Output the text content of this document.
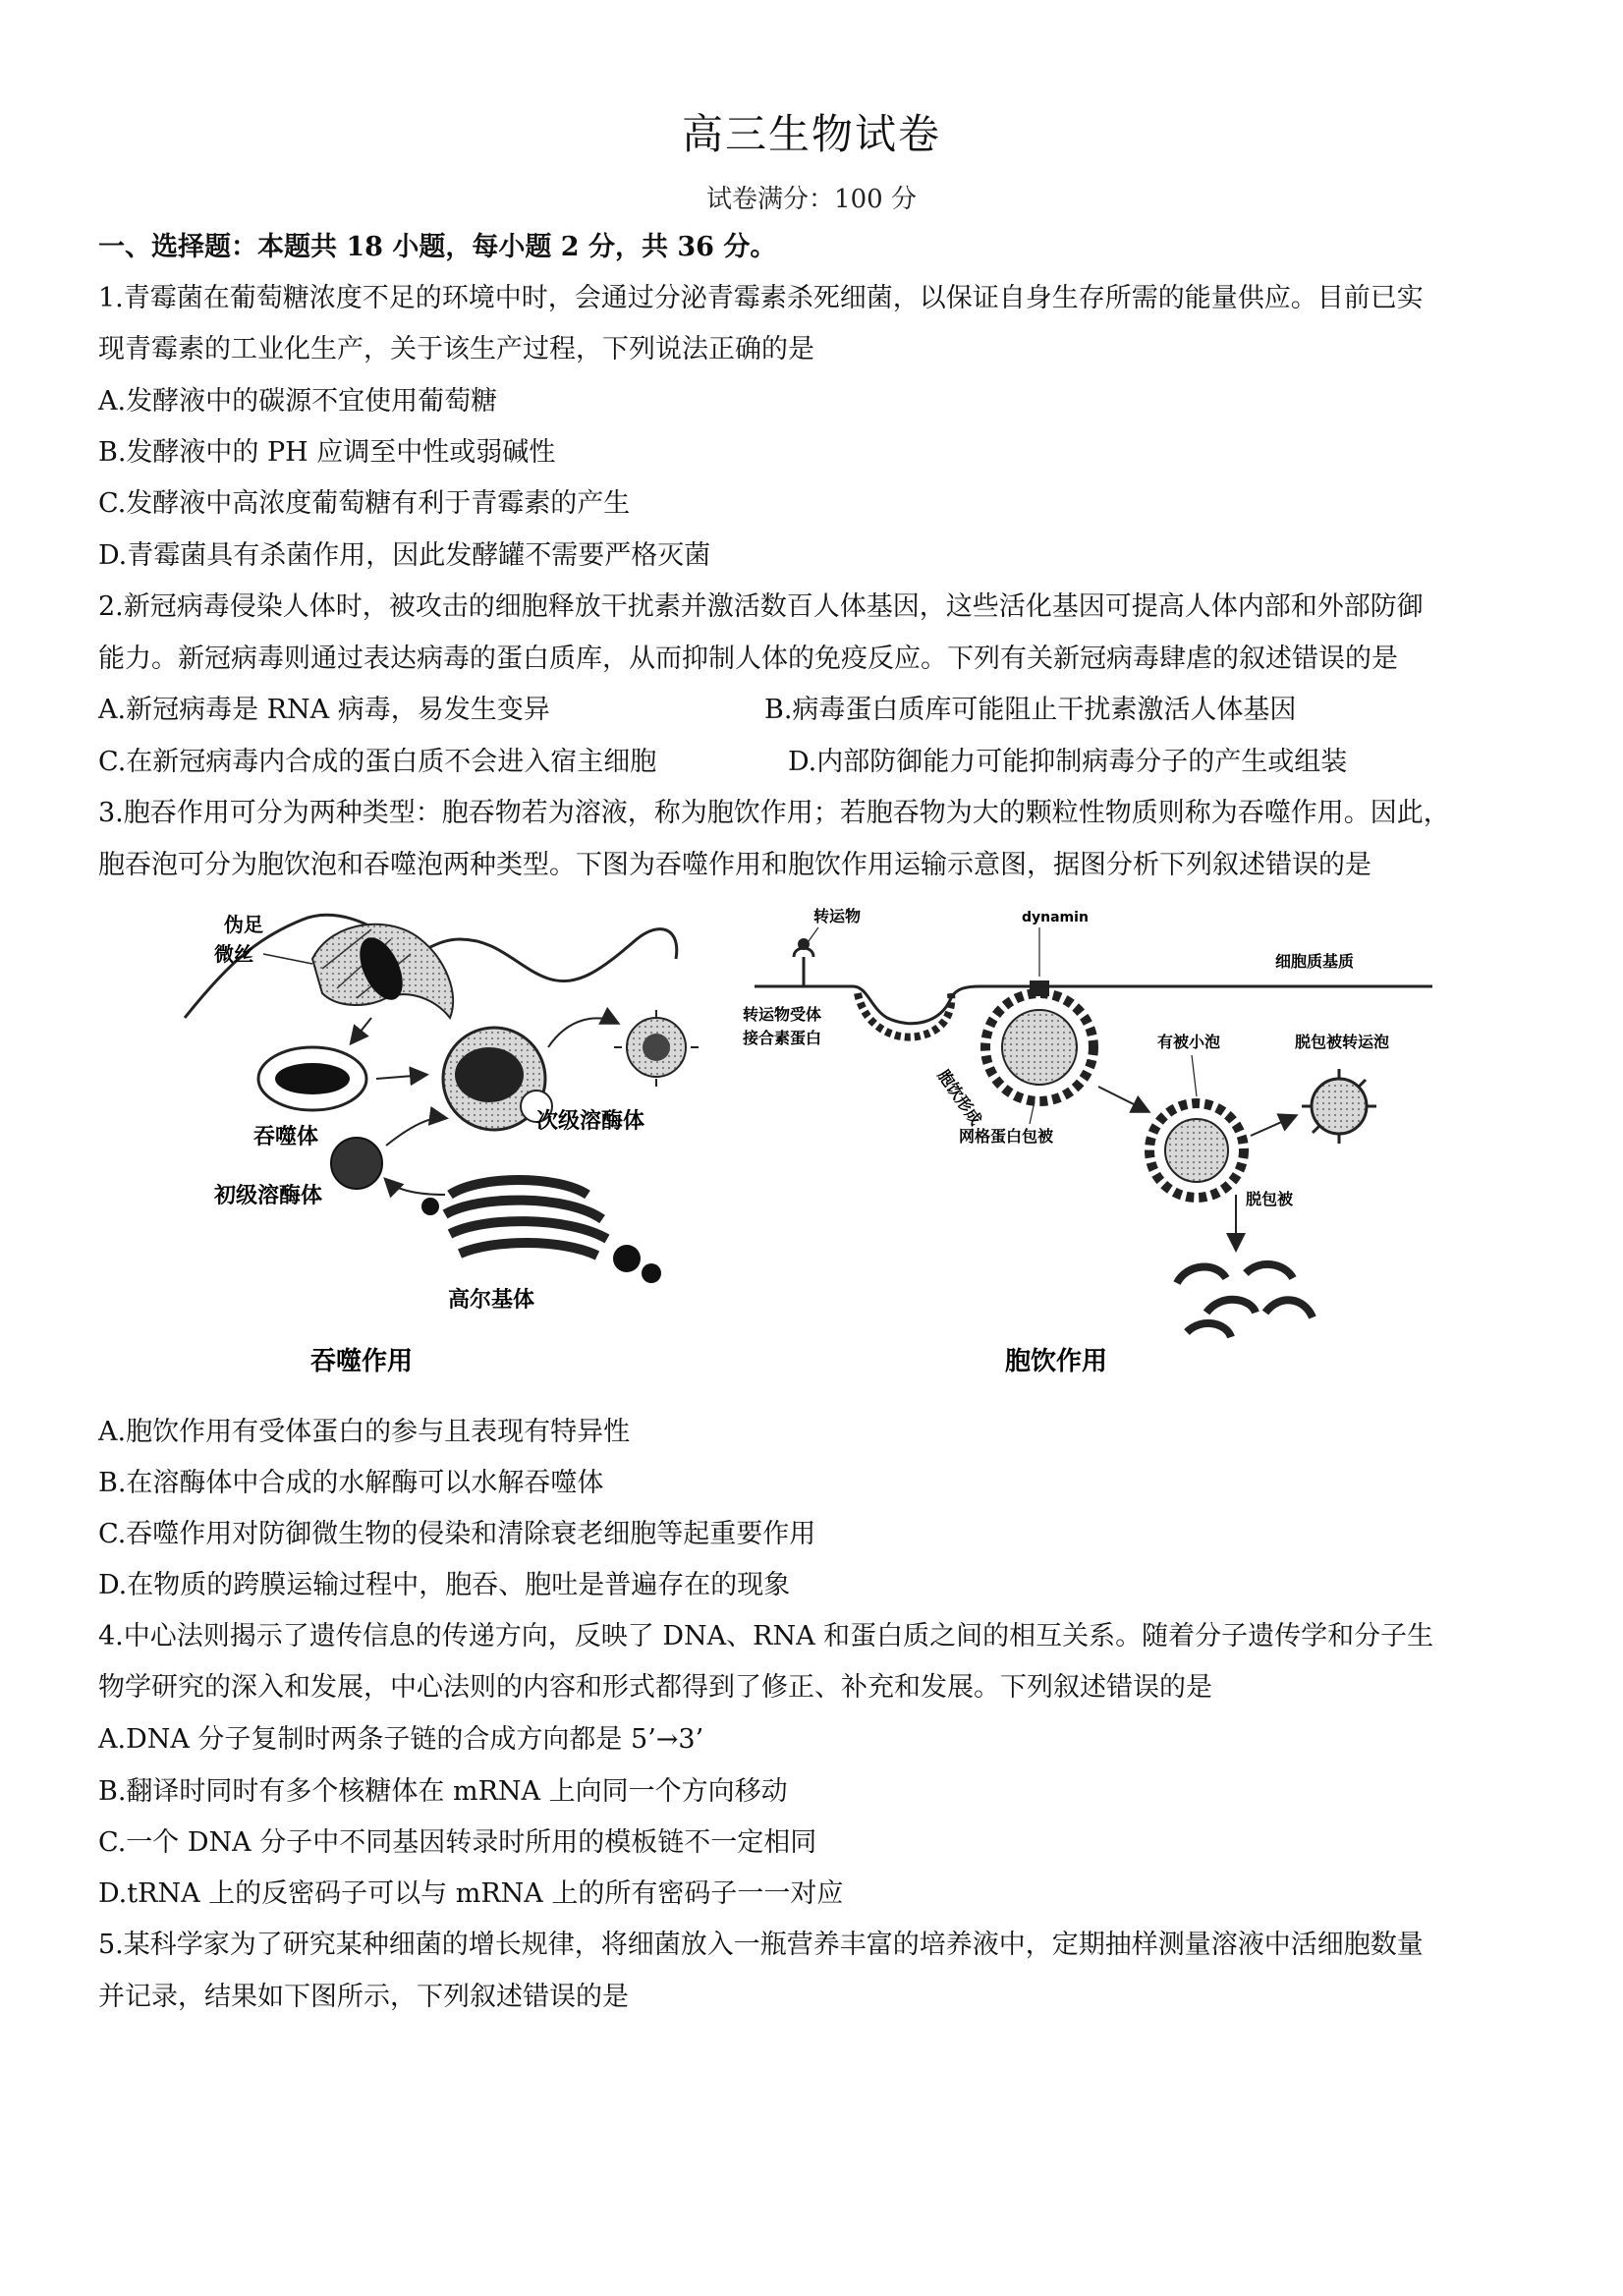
高三生物试卷
试卷满分：100 分
一、选择题：本题共 18 小题，每小题 2 分，共 36 分。
1.青霉菌在葡萄糖浓度不足的环境中时，会通过分泌青霉素杀死细菌，以保证自身生存所需的能量供应。目前已实
现青霉素的工业化生产，关于该生产过程，下列说法正确的是
A.发酵液中的碳源不宜使用葡萄糖
B.发酵液中的 PH 应调至中性或弱碱性
C.发酵液中高浓度葡萄糖有利于青霉素的产生
D.青霉菌具有杀菌作用，因此发酵罐不需要严格灭菌
2.新冠病毒侵染人体时，被攻击的细胞释放干扰素并激活数百人体基因，这些活化基因可提高人体内部和外部防御
能力。新冠病毒则通过表达病毒的蛋白质库，从而抑制人体的免疫反应。下列有关新冠病毒肆虐的叙述错误的是
A.新冠病毒是 RNA 病毒，易发生变异	B.病毒蛋白质库可能阻止干扰素激活人体基因
C.在新冠病毒内合成的蛋白质不会进入宿主细胞	D.内部防御能力可能抑制病毒分子的产生或组装
3.胞吞作用可分为两种类型：胞吞物若为溶液，称为胞饮作用；若胞吞物为大的颗粒性物质则称为吞噬作用。因此，
胞吞泡可分为胞饮泡和吞噬泡两种类型。下图为吞噬作用和胞饮作用运输示意图，据图分析下列叙述错误的是
伪足
微丝
吞噬体
次级溶酶体
初级溶酶体
高尔基体
吞噬作用
转运物
转运物受体
接合素蛋白
胞饮形成
dynamin
网格蛋白包被
细胞质基质
有被小泡	脱包被转运泡
脱包被
胞饮作用
A.胞饮作用有受体蛋白的参与且表现有特异性
B.在溶酶体中合成的水解酶可以水解吞噬体
C.吞噬作用对防御微生物的侵染和清除衰老细胞等起重要作用
D.在物质的跨膜运输过程中，胞吞、胞吐是普遍存在的现象
4.中心法则揭示了遗传信息的传递方向，反映了 DNA、RNA 和蛋白质之间的相互关系。随着分子遗传学和分子生
物学研究的深入和发展，中心法则的内容和形式都得到了修正、补充和发展。下列叙述错误的是
A.DNA 分子复制时两条子链的合成方向都是 5’→3’
B.翻译时同时有多个核糖体在 mRNA 上向同一个方向移动
C.一个 DNA 分子中不同基因转录时所用的模板链不一定相同
D.tRNA 上的反密码子可以与 mRNA 上的所有密码子一一对应
5.某科学家为了研究某种细菌的增长规律，将细菌放入一瓶营养丰富的培养液中，定期抽样测量溶液中活细胞数量
并记录，结果如下图所示，下列叙述错误的是
